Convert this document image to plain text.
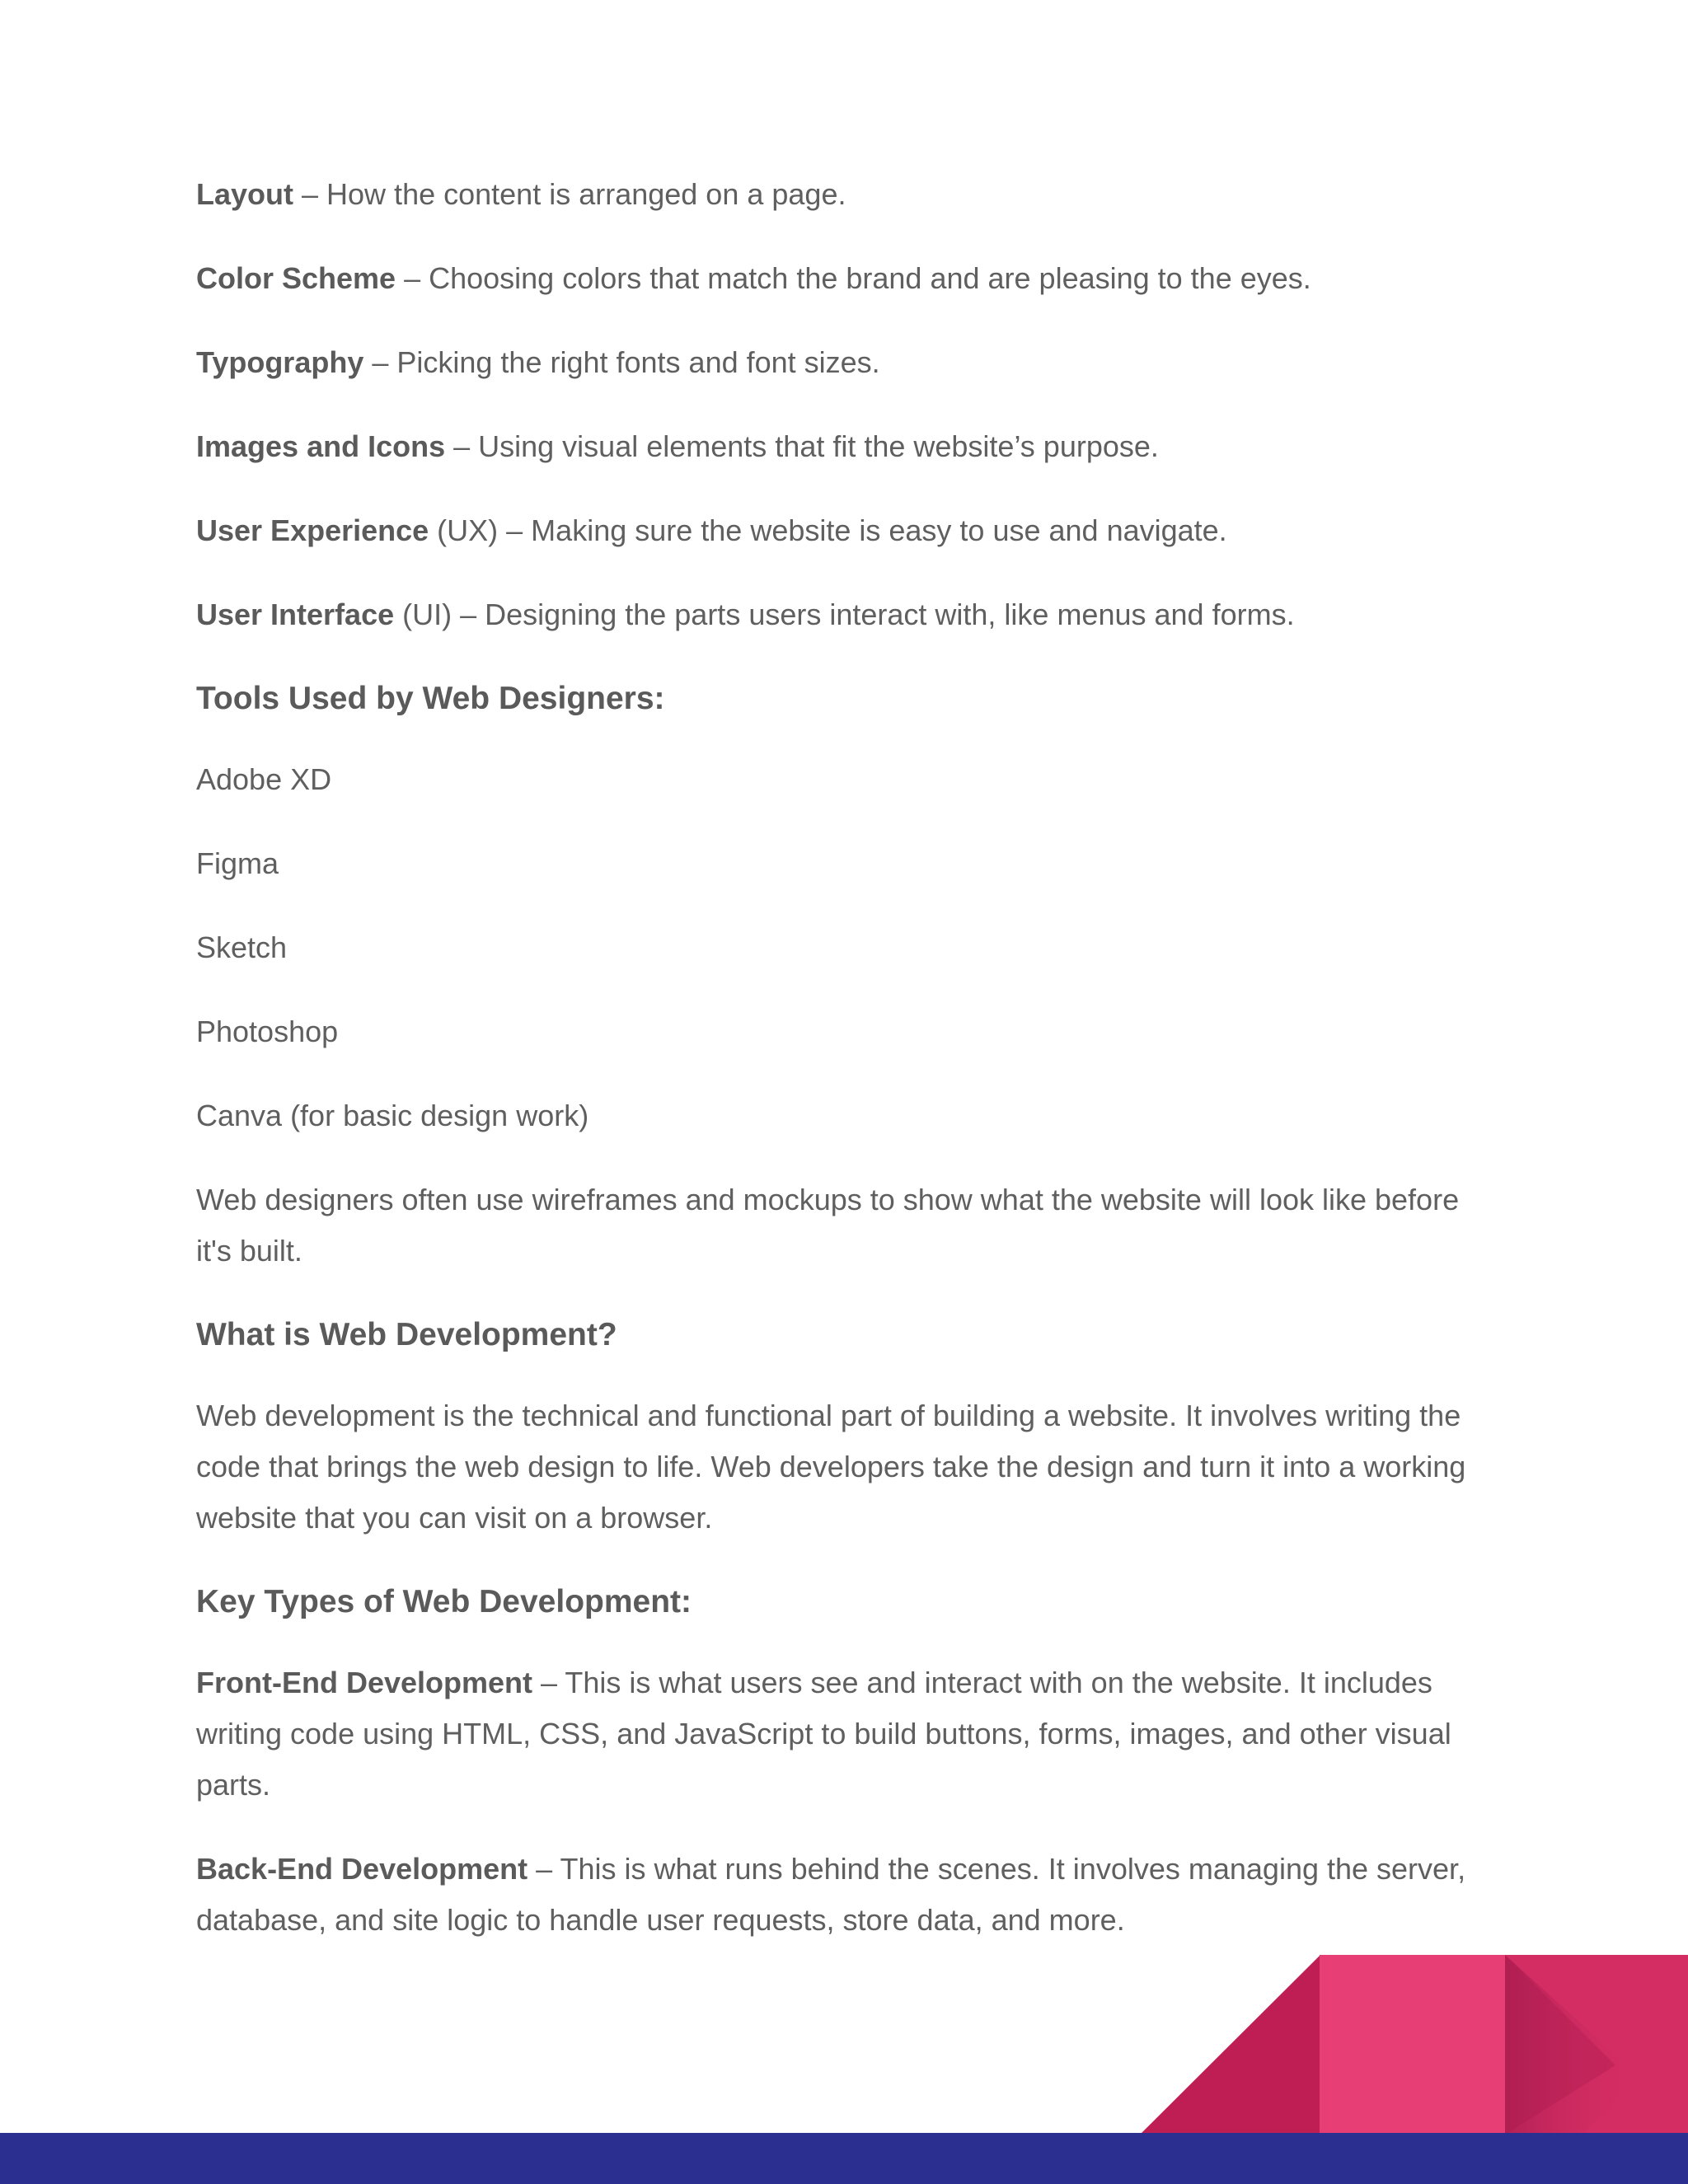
Layout – How the content is arranged on a page.

Color Scheme – Choosing colors that match the brand and are pleasing to the eyes.

Typography – Picking the right fonts and font sizes.

Images and Icons – Using visual elements that fit the website’s purpose.

User Experience (UX) – Making sure the website is easy to use and navigate.

User Interface (UI) – Designing the parts users interact with, like menus and forms.

Tools Used by Web Designers:

Adobe XD

Figma

Sketch

Photoshop

Canva (for basic design work)

Web designers often use wireframes and mockups to show what the website will look like before it's built.

What is Web Development?

Web development is the technical and functional part of building a website. It involves writing the code that brings the web design to life. Web developers take the design and turn it into a working website that you can visit on a browser.

Key Types of Web Development:

Front-End Development – This is what users see and interact with on the website. It includes writing code using HTML, CSS, and JavaScript to build buttons, forms, images, and other visual parts.

Back-End Development – This is what runs behind the scenes. It involves managing the server, database, and site logic to handle user requests, store data, and more.
